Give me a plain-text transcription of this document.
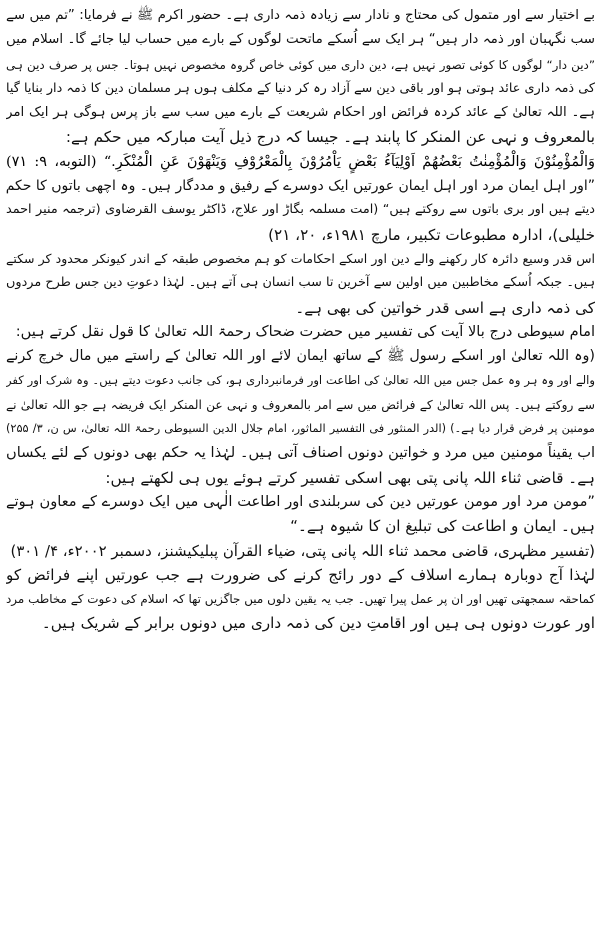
بے اختیار سے اور متمول کی محتاج و نادار سے زیادہ ذمہ داری ہے۔ حضور اکرم ﷺ نے فرمایا: ”تم میں سے
سب نگہبان اور ذمہ دار ہیں“ ہر ایک سے اُسکے ماتحت لوگوں کے بارے میں حساب لیا جائے گا۔ اسلام میں
”دین دار“ لوگوں کا کوئی تصور نہیں ہے، دین داری میں کوئی خاص گروہ مخصوص نہیں ہوتا۔ جس پر صرف دین ہی
کی ذمہ داری عائد ہوتی ہو اور باقی دین سے آزاد رہ کر دنیا کے مکلف ہوں ہر مسلمان دین کا ذمہ دار بنایا گیا
ہے۔ اللہ تعالیٰ کے عائد کردہ فرائض اور احکام شریعت کے بارے میں سب سے باز پرس ہوگی ہر ایک امر
بالمعروف و نہی عن المنکر کا پابند ہے۔ جیسا کہ درج ذیل آیت مبارکہ میں حکم ہے:
وَالْمُؤْمِنُوْنَ وَالْمُؤْمِنٰتُ بَعْضُهُمْ اَوْلِيَآءُ بَعْضٍ يَاْمُرُوْنَ بِالْمَعْرُوْفِ وَيَنْهَوْنَ عَنِ الْمُنْكَرِ.“ (التوبه، ۹: ۷۱)
”اور اہل ایمان مرد اور اہل ایمان عورتیں ایک دوسرے کے رفیق و مددگار ہیں۔ وہ اچھی باتوں کا حکم
دیتے ہیں اور بری باتوں سے روکتے ہیں“ (امت مسلمہ بگاڑ اور علاج، ڈاکٹر یوسف القرضاوی (ترجمہ منیر احمد
خلیلی)، ادارہ مطبوعات تکبیر، مارچ ۱۹۸۱ء، ۲۰، ۲۱)
اس قدر وسیع دائرہ کار رکھنے والے دین اور اسکے احکامات کو ہم مخصوص طبقہ کے اندر کیونکر محدود کر سکتے
ہیں۔ جبکہ اُسکے مخاطبین میں اولین سے آخرین تا سب انسان ہی آتے ہیں۔ لہٰذا دعوتِ دین جس طرح مردوں
کی ذمہ داری ہے اسی قدر خواتین کی بھی ہے۔
امام سیوطی درج بالا آیت کی تفسیر میں حضرت ضحاک رحمۃ اللہ تعالیٰ کا قول نقل کرتے ہیں:
(وہ اللہ تعالیٰ اور اسکے رسول ﷺ کے ساتھ ایمان لائے اور اللہ تعالیٰ کے راستے میں مال خرچ کرنے
والے اور وہ ہر وہ عمل جس میں اللہ تعالیٰ کی اطاعت اور فرمانبرداری ہو، کی جانب دعوت دیتے ہیں۔ وہ شرک اور کفر
سے روکتے ہیں۔ پس اللہ تعالیٰ کے فرائض میں سے امر بالمعروف و نہی عن المنکر ایک فریضہ ہے جو اللہ تعالیٰ نے
مومنین پر فرض قرار دیا ہے۔) (الدر المنثور فی التفسیر الماثور، امام جلال الدین السیوطی رحمۃ اللہ تعالیٰ، س ن، ۳/ ۲۵۵)
اب یقیناً مومنین میں مرد و خواتین دونوں اصناف آتی ہیں۔ لہٰذا یہ حکم بھی دونوں کے لئے یکساں
ہے۔ قاضی ثناء اللہ پانی پتی بھی اسکی تفسیر کرتے ہوئے یوں ہی لکھتے ہیں:
”مومن مرد اور مومن عورتیں دین کی سربلندی اور اطاعت الٰہی میں ایک دوسرے کے معاون ہوتے
ہیں۔ ایمان و اطاعت کی تبلیغ ان کا شیوہ ہے۔“
(تفسیر مظہری، قاضی محمد ثناء اللہ پانی پتی، ضیاء القرآن پبلیکیشنز، دسمبر ۲۰۰۲ء، ۴/ ۳۰۱)
لہٰذا آج دوبارہ ہمارے اسلاف کے دور رائج کرنے کی ضرورت ہے جب عورتیں اپنے فرائض کو
کماحقہ سمجھتی تھیں اور ان پر عمل پیرا تھیں۔ جب یہ یقین دلوں میں جاگزیں تھا کہ اسلام کی دعوت کے مخاطب مرد
اور عورت دونوں ہی ہیں اور اقامتِ دین کی ذمہ داری میں دونوں برابر کے شریک ہیں۔
